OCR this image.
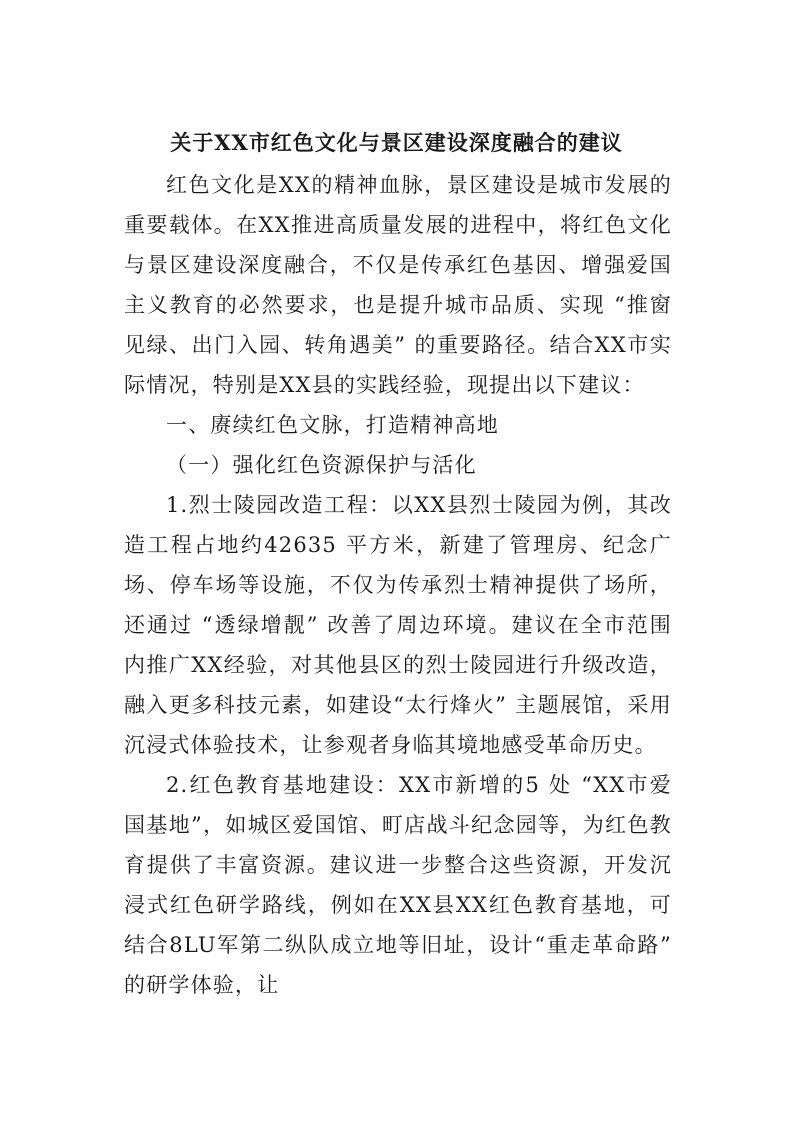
关于XX市红色文化与景区建设深度融合的建议

红色文化是XX的精神血脉，景区建设是城市发展的重要载体。在XX推进高质量发展的进程中，将红色文化与景区建设深度融合，不仅是传承红色基因、增强爱国主义教育的必然要求，也是提升城市品质、实现 “推窗见绿、出门入园、转角遇美” 的重要路径。结合XX市实际情况，特别是XX县的实践经验，现提出以下建议：

一、赓续红色文脉，打造精神高地

（一）强化红色资源保护与活化

1.烈士陵园改造工程：以XX县烈士陵园为例，其改造工程占地约42635 平方米，新建了管理房、纪念广场、停车场等设施，不仅为传承烈士精神提供了场所，还通过 “透绿增靓” 改善了周边环境。建议在全市范围内推广XX经验，对其他县区的烈士陵园进行升级改造，融入更多科技元素，如建设“太行烽火” 主题展馆，采用沉浸式体验技术，让参观者身临其境地感受革命历史。

2.红色教育基地建设：XX市新增的5 处 “XX市爱国基地”，如城区爱国馆、町店战斗纪念园等，为红色教育提供了丰富资源。建议进一步整合这些资源，开发沉浸式红色研学路线，例如在XX县XX红色教育基地，可结合8LU军第二纵队成立地等旧址，设计“重走革命路” 的研学体验，让
